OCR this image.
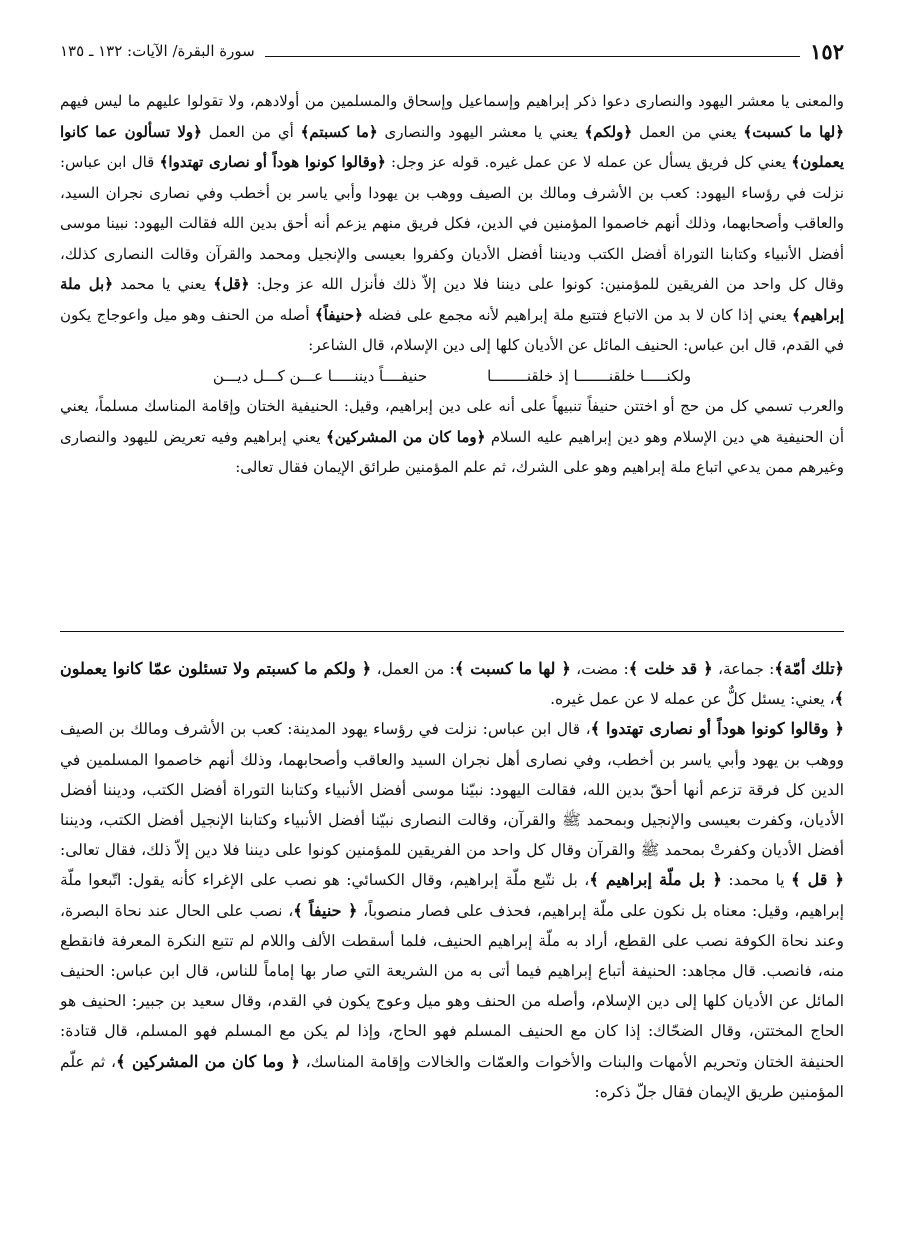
١٥٢
سورة البقرة/ الآيات: ١٣٢ ـ ١٣٥

والمعنى يا معشر اليهود والنصارى دعوا ذكر إبراهيم وإسماعيل وإسحاق والمسلمين من أولادهم، ولا تقولوا عليهم ما ليس فيهم ﴿لها ما كسبت﴾ يعني من العمل ﴿ولكم﴾ يعني يا معشر اليهود والنصارى ﴿ما كسبتم﴾ أي من العمل ﴿ولا تسألون عما كانوا يعملون﴾ يعني كل فريق يسأل عن عمله لا عن عمل غيره. قوله عز وجل: ﴿وقالوا كونوا هوداً أو نصارى تهتدوا﴾ قال ابن عباس: نزلت في رؤساء اليهود: كعب بن الأشرف ومالك بن الصيف ووهب بن يهودا وأبي ياسر بن أخطب وفي نصارى نجران السيد، والعاقب وأصحابهما، وذلك أنهم خاصموا المؤمنين في الدين، فكل فريق منهم يزعم أنه أحق بدين الله فقالت اليهود: نبينا موسى أفضل الأنبياء وكتابنا التوراة أفضل الكتب وديننا أفضل الأديان وكفروا بعيسى والإنجيل ومحمد والقرآن وقالت النصارى كذلك، وقال كل واحد من الفريقين للمؤمنين: كونوا على ديننا فلا دين إلاّ ذلك فأنزل الله عز وجل: ﴿قل﴾ يعني يا محمد ﴿بل ملة إبراهيم﴾ يعني إذا كان لا بد من الاتباع فتتبع ملة إبراهيم لأنه مجمع على فضله ﴿حنيفاً﴾ أصله من الحنف وهو ميل واعوجاج يكون في القدم، قال ابن عباس: الحنيف المائل عن الأديان كلها إلى دين الإسلام، قال الشاعر:

ولكنـــــا خلقنـــــــا إذ خلقنــــــــا
حنيفــــاً ديننـــــا عـــن كـــل ديـــن

والعرب تسمي كل من حج أو اختتن حنيفاً تنبيهاً على أنه على دين إبراهيم، وقيل: الحنيفية الختان وإقامة المناسك مسلماً، يعني أن الحنيفية هي دين الإسلام وهو دين إبراهيم عليه السلام ﴿وما كان من المشركين﴾ يعني إبراهيم وفيه تعريض لليهود والنصارى وغيرهم ممن يدعي اتباع ملة إبراهيم وهو على الشرك، ثم علم المؤمنين طرائق الإيمان فقال تعالى:

﴿تلك أمّة﴾: جماعة، ﴿ قد خلت ﴾: مضت، ﴿ لها ما كسبت ﴾: من العمل، ﴿ ولكم ما كسبتم ولا تسئلون عمّا كانوا يعملون ﴾، يعني: يسئل كلٌّ عن عمله لا عن عمل غيره.

﴿ وقالوا كونوا هوداً أو نصارى تهتدوا ﴾، قال ابن عباس: نزلت في رؤساء يهود المدينة: كعب بن الأشرف ومالك بن الصيف ووهب بن يهود وأبي ياسر بن أخطب، وفي نصارى أهل نجران السيد والعاقب وأصحابهما، وذلك أنهم خاصموا المسلمين في الدين كل فرقة تزعم أنها أحقّ بدين الله، فقالت اليهود: نبيّنا موسى أفضل الأنبياء وكتابنا التوراة أفضل الكتب، وديننا أفضل الأديان، وكفرت بعيسى والإنجيل وبمحمد ﷺ والقرآن، وقالت النصارى نبيّنا أفضل الأنبياء وكتابنا الإنجيل أفضل الكتب، وديننا أفضل الأديان وكفرتْ بمحمد ﷺ والقرآن وقال كل واحد من الفريقين للمؤمنين كونوا على ديننا فلا دين إلاّ ذلك، فقال تعالى: ﴿ قل ﴾ يا محمد: ﴿ بل ملّة إبراهيم ﴾، بل نتّبع ملّة إبراهيم، وقال الكسائي: هو نصب على الإغراء كأنه يقول: اتّبعوا ملّة إبراهيم، وقيل: معناه بل نكون على ملّة إبراهيم، فحذف على فصار منصوباً، ﴿ حنيفاً ﴾، نصب على الحال عند نحاة البصرة، وعند نحاة الكوفة نصب على القطع، أراد به ملّة إبراهيم الحنيف، فلما أسقطت الألف واللام لم تتبع النكرة المعرفة فانقطع منه، فانصب. قال مجاهد: الحنيفة أتباع إبراهيم فيما أتى به من الشريعة التي صار بها إماماً للناس، قال ابن عباس: الحنيف المائل عن الأديان كلها إلى دين الإسلام، وأصله من الحنف وهو ميل وعوج يكون في القدم، وقال سعيد بن جبير: الحنيف هو الحاج المختتن، وقال الضحّاك: إذا كان مع الحنيف المسلم فهو الحاج، وإذا لم يكن مع المسلم فهو المسلم، قال قتادة: الحنيفة الختان وتحريم الأمهات والبنات والأخوات والعمّات والخالات وإقامة المناسك، ﴿ وما كان من المشركين ﴾، ثم علّم المؤمنين طريق الإيمان فقال جلّ ذكره:
